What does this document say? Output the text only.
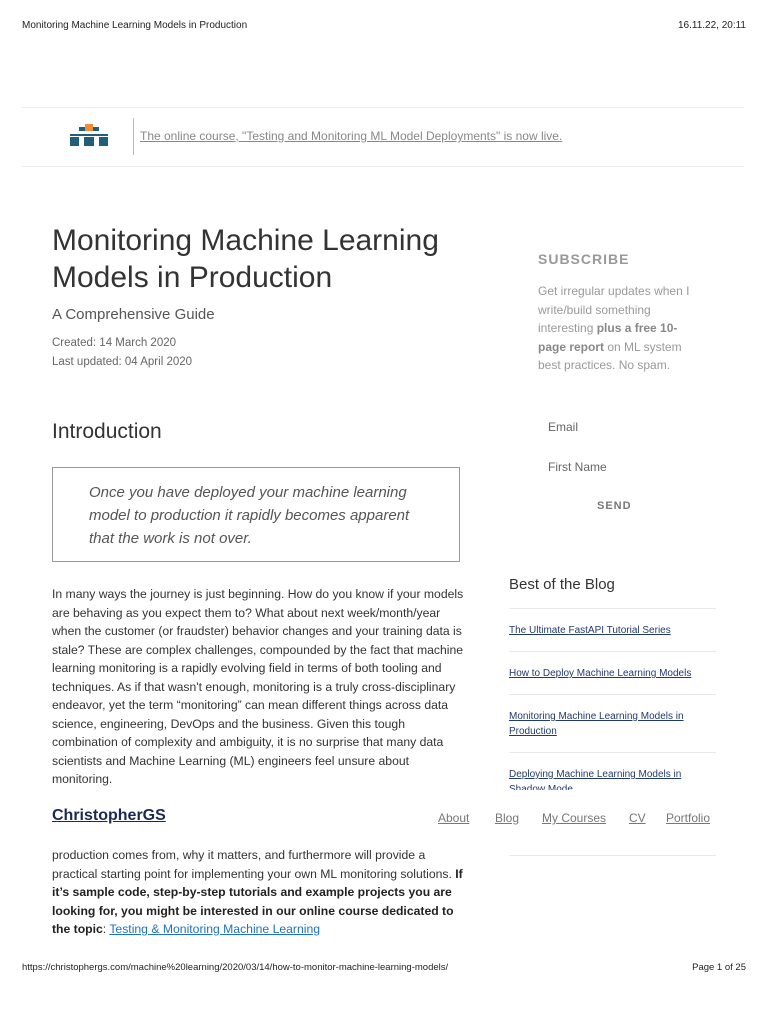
Monitoring Machine Learning Models in Production	16.11.22, 20:11
The online course, "Testing and Monitoring ML Model Deployments" is now live.
Monitoring Machine Learning Models in Production
A Comprehensive Guide
Created: 14 March 2020
Last updated: 04 April 2020
Introduction
Once you have deployed your machine learning model to production it rapidly becomes apparent that the work is not over.
In many ways the journey is just beginning. How do you know if your models are behaving as you expect them to? What about next week/month/year when the customer (or fraudster) behavior changes and your training data is stale? These are complex challenges, compounded by the fact that machine learning monitoring is a rapidly evolving field in terms of both tooling and techniques. As if that wasn't enough, monitoring is a truly cross-disciplinary endeavor, yet the term “monitoring” can mean different things across data science, engineering, DevOps and the business. Given this tough combination of complexity and ambiguity, it is no surprise that many data scientists and Machine Learning (ML) engineers feel unsure about monitoring.
production comes from, why it matters, and furthermore will provide a practical starting point for implementing your own ML monitoring solutions. If it’s sample code, step-by-step tutorials and example projects you are looking for, you might be interested in our online course dedicated to the topic: Testing & Monitoring Machine Learning
SUBSCRIBE
Get irregular updates when I write/build something interesting plus a free 10-page report on ML system best practices. No spam.
Email
First Name
SEND
Best of the Blog
The Ultimate FastAPI Tutorial Series
How to Deploy Machine Learning Models
Monitoring Machine Learning Models in Production
Deploying Machine Learning Models in
ChristopherGS	About Blog My Courses CV Portfolio
https://christophergs.com/machine%20learning/2020/03/14/how-to-monitor-machine-learning-models/	Page 1 of 25
